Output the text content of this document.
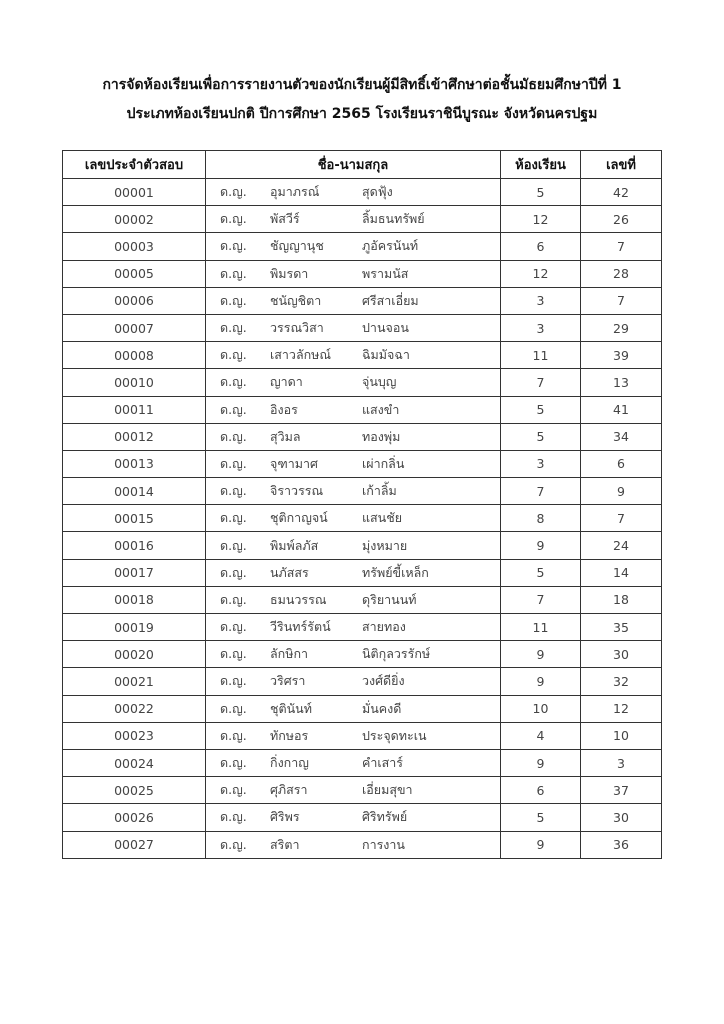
การจัดห้องเรียนเพื่อการรายงานตัวของนักเรียนผู้มีสิทธิ์เข้าศึกษาต่อชั้นมัธยมศึกษาปีที่ 1
ประเภทห้องเรียนปกติ ปีการศึกษา 2565 โรงเรียนราชินีบูรณะ จังหวัดนครปฐม
เลขประจำตัวสอบ	ชื่อ-นามสกุล	ห้องเรียน	เลขที่
00001	ด.ญ. อุมาภรณ์ สุดฟุ้ง	5	42
00002	ด.ญ. พัสวีร์ ลิ้มธนทรัพย์	12	26
00003	ด.ญ. ชัญญานุช ภูอัครนันท์	6	7
00005	ด.ญ. พิมรดา พรามนัส	12	28
00006	ด.ญ. ชนัญชิตา ศรีสาเอี่ยม	3	7
00007	ด.ญ. วรรณวิสา ปานจอน	3	29
00008	ด.ญ. เสาวลักษณ์ ฉิมมัจฉา	11	39
00010	ด.ญ. ญาดา จุ่นบุญ	7	13
00011	ด.ญ. อิงอร แสงขำ	5	41
00012	ด.ญ. สุวิมล ทองพุ่ม	5	34
00013	ด.ญ. จุฑามาศ เผ่ากลิ่น	3	6
00014	ด.ญ. จิราวรรณ เก้าลิ้ม	7	9
00015	ด.ญ. ชุติกาญจน์ แสนชัย	8	7
00016	ด.ญ. พิมพ์ลภัส มุ่งหมาย	9	24
00017	ด.ญ. นภัสสร ทรัพย์ขี้เหล็ก	5	14
00018	ด.ญ. ธมนวรรณ ดุริยานนท์	7	18
00019	ด.ญ. วีรินทร์รัตน์ สายทอง	11	35
00020	ด.ญ. ลักษิกา นิติกุลวรรักษ์	9	30
00021	ด.ญ. วริศรา วงศ์ดียิ่ง	9	32
00022	ด.ญ. ชุตินันท์ มั่นคงดี	10	12
00023	ด.ญ. ทักษอร ประจุดทะเน	4	10
00024	ด.ญ. กิ่งกาญ คำเสาร์	9	3
00025	ด.ญ. ศุภิสรา เอี่ยมสุขา	6	37
00026	ด.ญ. ศิริพร ศิริทรัพย์	5	30
00027	ด.ญ. สริตา การงาน	9	36
